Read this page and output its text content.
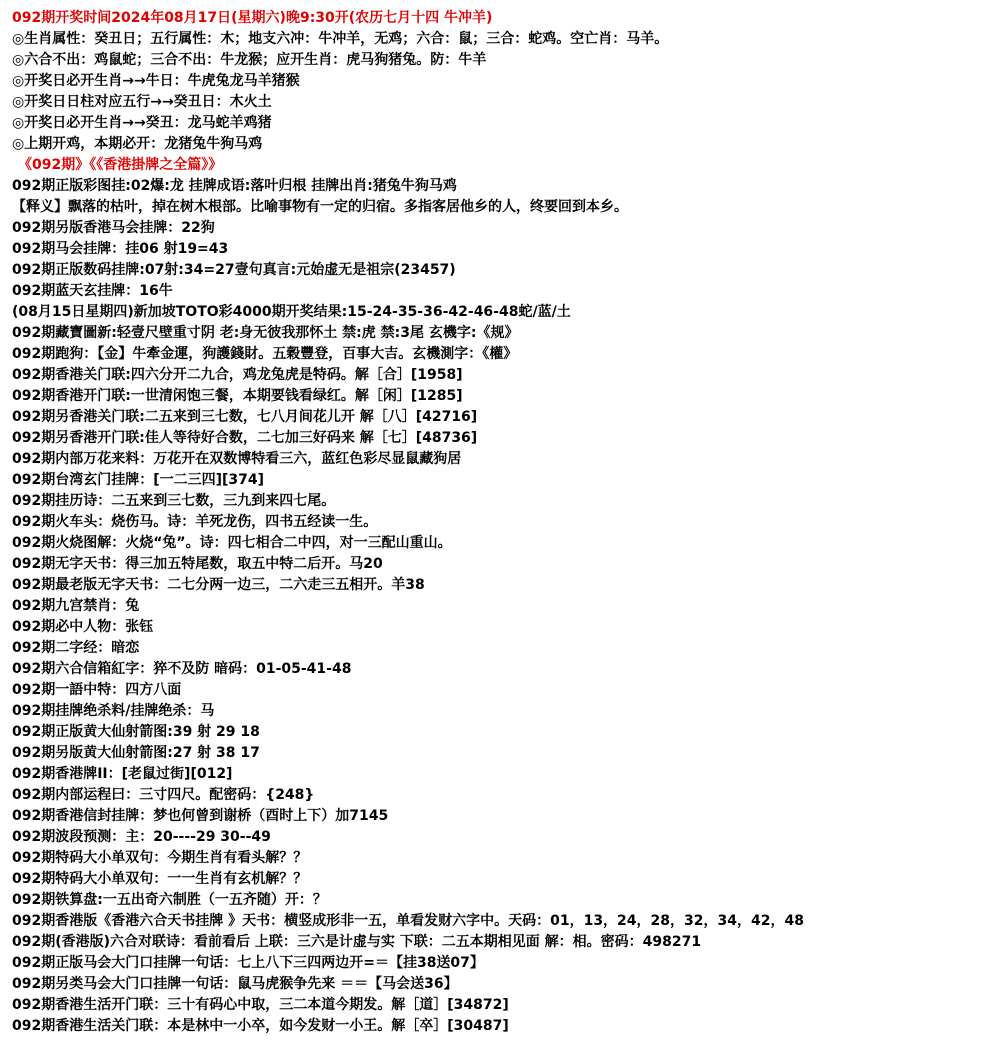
092期开奖时间2024年08月17日(星期六)晚9:30开(农历七月十四 牛冲羊)
◎生肖属性：癸丑日；五行属性：木；地支六冲：牛冲羊，无鸡；六合：鼠；三合：蛇鸡。空亡肖：马羊。
◎六合不出：鸡鼠蛇；三合不出：牛龙猴；应开生肖：虎马狗猪兔。防：牛羊
◎开奖日必开生肖→→牛日：牛虎兔龙马羊猪猴
◎开奖日日柱对应五行→→癸丑日：木火土
◎开奖日必开生肖→→癸丑：龙马蛇羊鸡猪
◎上期开鸡，本期必开：龙猪兔牛狗马鸡
《092期》《《香港掛牌之全篇》》
092期正版彩图挂:02爆:龙 挂牌成语:落叶归根 挂牌出肖:猪兔牛狗马鸡
【释义】飘落的枯叶，掉在树木根部。比喻事物有一定的归宿。多指客居他乡的人，终要回到本乡。
092期另版香港马会挂牌：22狗
092期马会挂牌：挂06 射19=43
092期正版数码挂牌:07射:34=27壹句真言:元始虚无是祖宗(23457)
092期蓝天玄挂牌：16牛
(08月15日星期四)新加坡TOTO彩4000期开奖结果:15-24-35-36-42-46-48蛇/蓝/土
092期藏寶圖新:轻壹尺壁重寸阴 老:身无彼我那怀土 禁:虎 禁:3尾 玄機字:《规》
092期跑狗：【金】牛牽金運，狗護錢財。五穀豐登，百事大吉。玄機測字：《權》
092期香港关门联:四六分开二九合，鸡龙兔虎是特码。解［合］[1958]
092期香港开门联:一世清闲饱三餐，本期要钱看绿红。解［闲］[1285]
092期另香港关门联:二五来到三七数，七八月间花儿开 解［八］[42716]
092期另香港开门联:佳人等待好合数，二七加三好码来 解［七］[48736]
092期内部万花来料：万花开在双数博特看三六，蓝红色彩尽显鼠藏狗居
092期台湾玄门挂牌：[一二三四][374]
092期挂历诗：二五来到三七数，三九到来四七尾。
092期火车头：烧伤马。诗：羊死龙伤，四书五经读一生。
092期火烧图解：火烧“兔”。诗：四七相合二中四，对一三配山重山。
092期无字天书：得三加五特尾数，取五中特二后开。马20
092期最老版无字天书：二七分两一边三，二六走三五相开。羊38
092期九宫禁肖：兔
092期必中人物：张钰
092期二字经：暗恋
092期六合信箱紅字：猝不及防 暗码：01-05-41-48
092期一語中特：四方八面
092期挂牌绝杀料/挂牌绝杀：马
092期正版黄大仙射箭图:39 射 29 18
092期另版黄大仙射箭图:27 射 38 17
092期香港牌II：[老鼠过街][012]
092期内部运程曰：三寸四尺。配密码：{248}
092期香港信封挂牌：梦也何曾到谢桥（酉时上下）加7145
092期波段预测：主：20----29 30--49
092期特码大小单双句：今期生肖有看头解？？
092期特码大小单双句：一一生肖有玄机解？？
092期铁算盘:一五出奇六制胜（一五齐随）开：？
092期香港版《香港六合天书挂牌 》天书：横竖成形非一五，单看发财六字中。天码：01，13，24，28，32，34，42，48
092期(香港版)六合对联诗：看前看后 上联：三六是计虚与实 下联：二五本期相见面 解：相。密码：498271
092期正版马会大门口挂牌一句话：七上八下三四两边开=＝【挂38送07】
092期另类马会大门口挂牌一句话：鼠马虎猴争先来 ＝＝【马会送36】
092期香港生活开门联：三十有码心中取，三二本道今期发。解［道］[34872]
092期香港生活关门联：本是林中一小卒，如今发财一小王。解［卒］[30487]
